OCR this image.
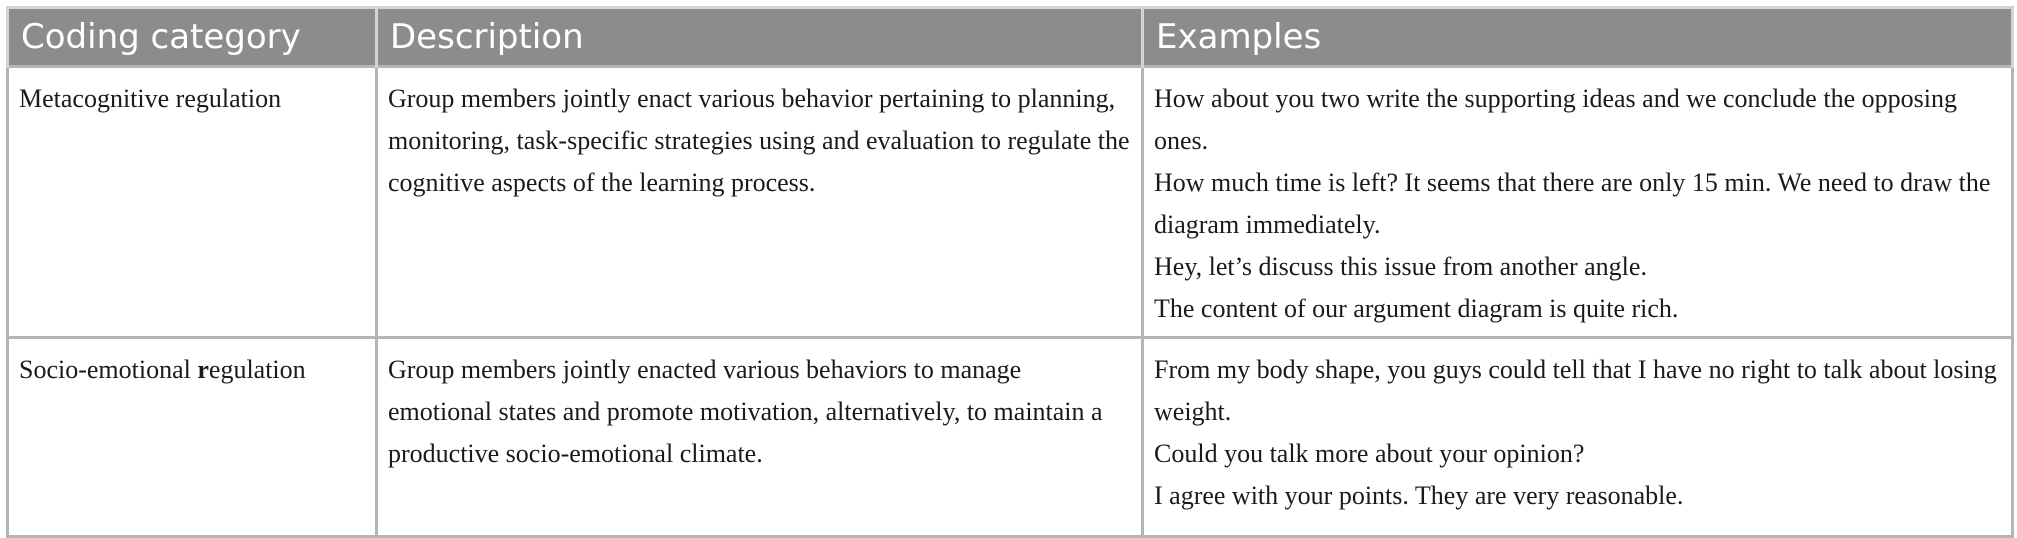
Coding category	Description	Examples
Metacognitive regulation	Group members jointly enact various behavior pertaining to planning, monitoring, task-specific strategies using and evaluation to regulate the cognitive aspects of the learning process.	How about you two write the supporting ideas and we conclude the opposing ones.
How much time is left? It seems that there are only 15 min. We need to draw the diagram immediately.
Hey, let’s discuss this issue from another angle.
The content of our argument diagram is quite rich.

Socio-emotional regulation	Group members jointly enacted various behaviors to manage emotional states and promote motivation, alternatively, to maintain a productive socio-emotional climate.	From my body shape, you guys could tell that I have no right to talk about losing weight.
Could you talk more about your opinion?
I agree with your points. They are very reasonable.
